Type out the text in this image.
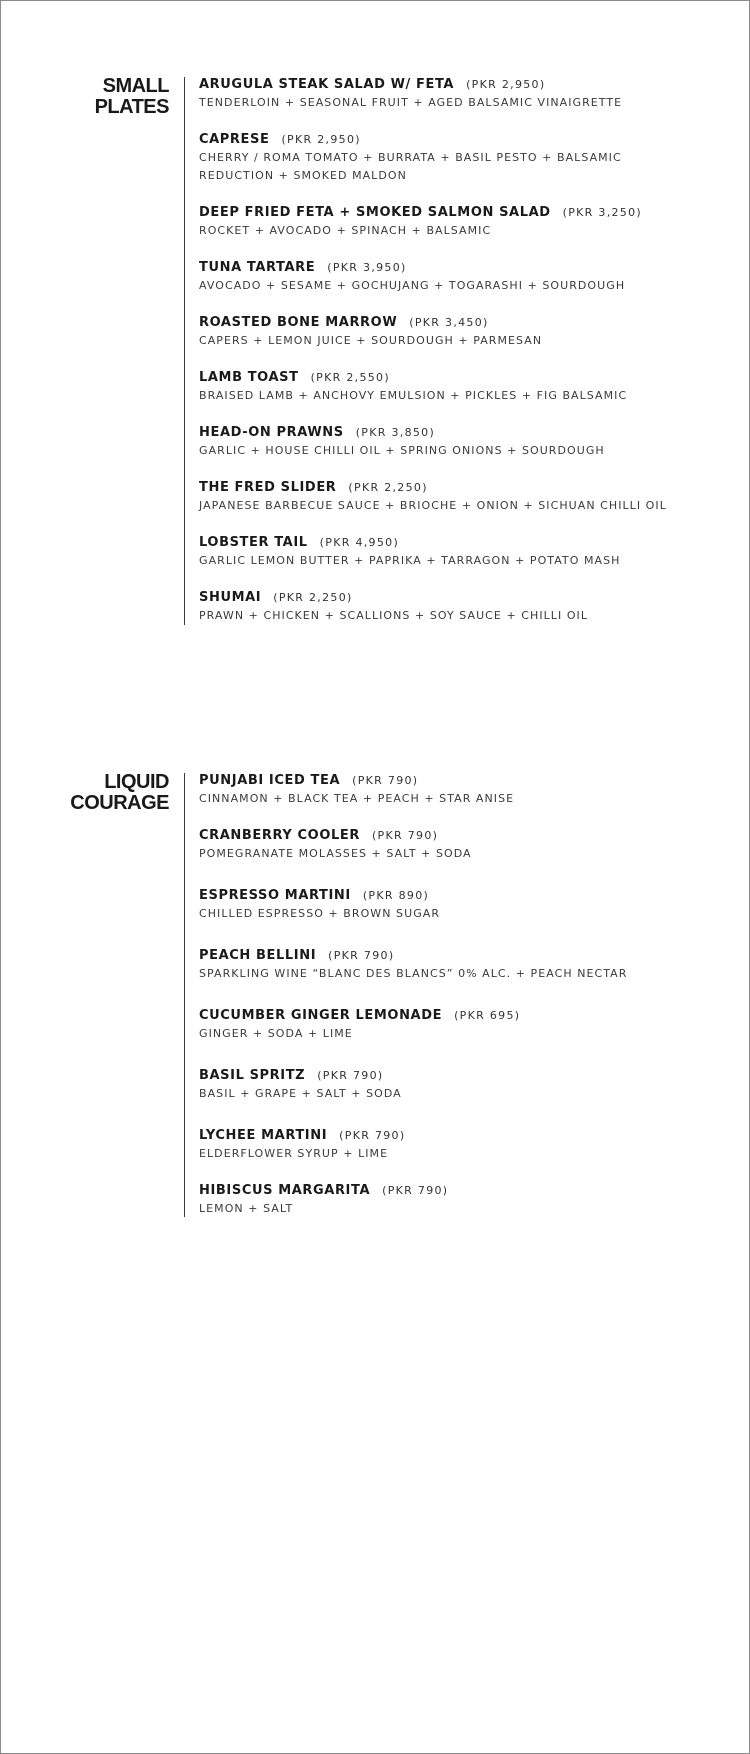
SMALL
PLATES
ARUGULA STEAK SALAD W/ FETA (PKR 2,950)
TENDERLOIN + SEASONAL FRUIT + AGED BALSAMIC VINAIGRETTE
CAPRESE (PKR 2,950)
CHERRY / ROMA TOMATO + BURRATA + BASIL PESTO + BALSAMIC
REDUCTION + SMOKED MALDON
DEEP FRIED FETA + SMOKED SALMON SALAD (PKR 3,250)
ROCKET + AVOCADO + SPINACH + BALSAMIC
TUNA TARTARE (PKR 3,950)
AVOCADO + SESAME + GOCHUJANG + TOGARASHI + SOURDOUGH
ROASTED BONE MARROW (PKR 3,450)
CAPERS + LEMON JUICE + SOURDOUGH + PARMESAN
LAMB TOAST (PKR 2,550)
BRAISED LAMB + ANCHOVY EMULSION + PICKLES + FIG BALSAMIC
HEAD-ON PRAWNS (PKR 3,850)
GARLIC + HOUSE CHILLI OIL + SPRING ONIONS + SOURDOUGH
THE FRED SLIDER (PKR 2,250)
JAPANESE BARBECUE SAUCE + BRIOCHE + ONION + SICHUAN CHILLI OIL
LOBSTER TAIL (PKR 4,950)
GARLIC LEMON BUTTER + PAPRIKA + TARRAGON + POTATO MASH
SHUMAI (PKR 2,250)
PRAWN + CHICKEN + SCALLIONS + SOY SAUCE + CHILLI OIL
LIQUID
COURAGE
PUNJABI ICED TEA (PKR 790)
CINNAMON + BLACK TEA + PEACH + STAR ANISE
CRANBERRY COOLER (PKR 790)
POMEGRANATE MOLASSES + SALT + SODA
ESPRESSO MARTINI (PKR 890)
CHILLED ESPRESSO + BROWN SUGAR
PEACH BELLINI (PKR 790)
SPARKLING WINE “BLANC DES BLANCS” 0% ALC. + PEACH NECTAR
CUCUMBER GINGER LEMONADE (PKR 695)
GINGER + SODA + LIME
BASIL SPRITZ (PKR 790)
BASIL + GRAPE + SALT + SODA
LYCHEE MARTINI (PKR 790)
ELDERFLOWER SYRUP + LIME
HIBISCUS MARGARITA (PKR 790)
LEMON + SALT
